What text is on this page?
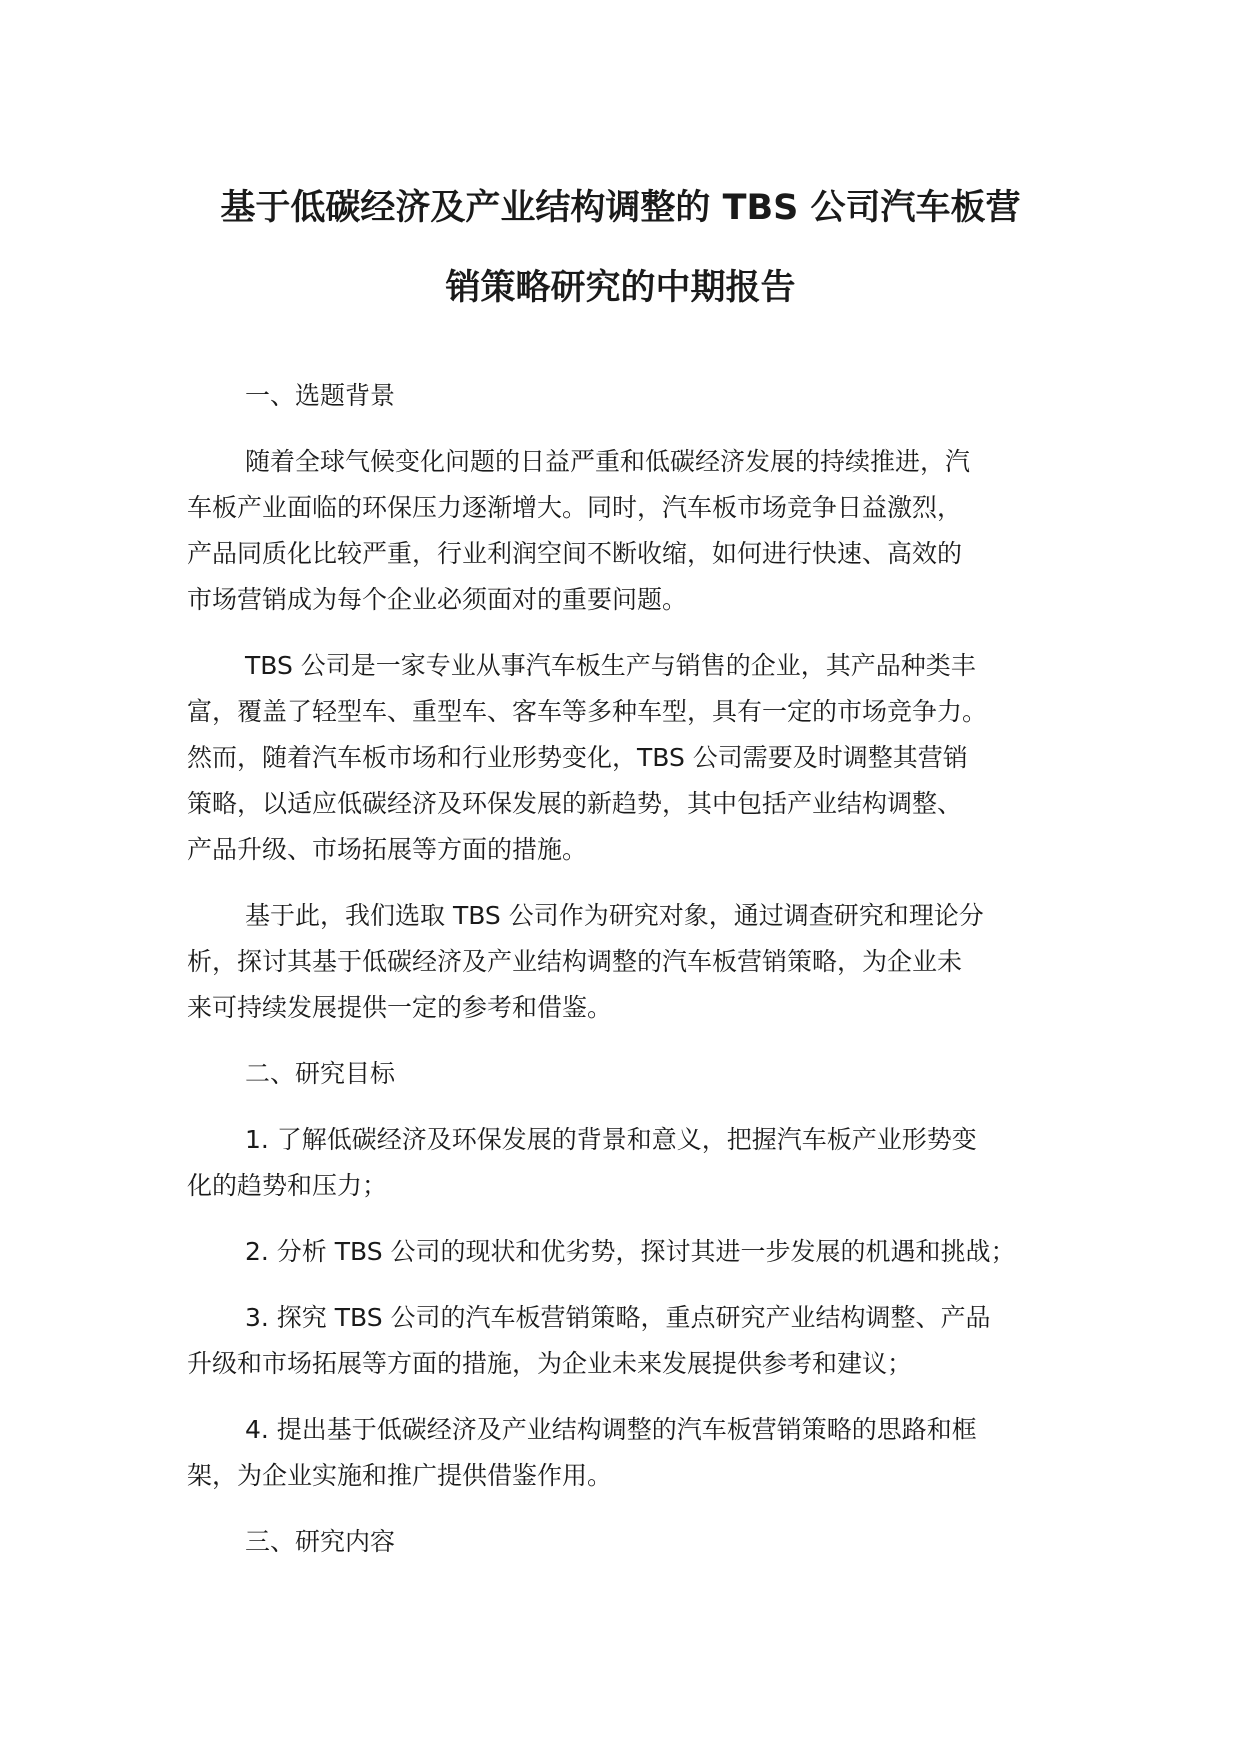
基于低碳经济及产业结构调整的 TBS 公司汽车板营
销策略研究的中期报告
一、选题背景
随着全球气候变化问题的日益严重和低碳经济发展的持续推进，汽
车板产业面临的环保压力逐渐增大。同时，汽车板市场竞争日益激烈，
产品同质化比较严重，行业利润空间不断收缩，如何进行快速、高效的
市场营销成为每个企业必须面对的重要问题。
TBS 公司是一家专业从事汽车板生产与销售的企业，其产品种类丰
富，覆盖了轻型车、重型车、客车等多种车型，具有一定的市场竞争力。
然而，随着汽车板市场和行业形势变化，TBS 公司需要及时调整其营销
策略，以适应低碳经济及环保发展的新趋势，其中包括产业结构调整、
产品升级、市场拓展等方面的措施。
基于此，我们选取 TBS 公司作为研究对象，通过调查研究和理论分
析，探讨其基于低碳经济及产业结构调整的汽车板营销策略，为企业未
来可持续发展提供一定的参考和借鉴。
二、研究目标
1. 了解低碳经济及环保发展的背景和意义，把握汽车板产业形势变
化的趋势和压力；
2. 分析 TBS 公司的现状和优劣势，探讨其进一步发展的机遇和挑战；
3. 探究 TBS 公司的汽车板营销策略，重点研究产业结构调整、产品
升级和市场拓展等方面的措施，为企业未来发展提供参考和建议；
4. 提出基于低碳经济及产业结构调整的汽车板营销策略的思路和框
架，为企业实施和推广提供借鉴作用。
三、研究内容
